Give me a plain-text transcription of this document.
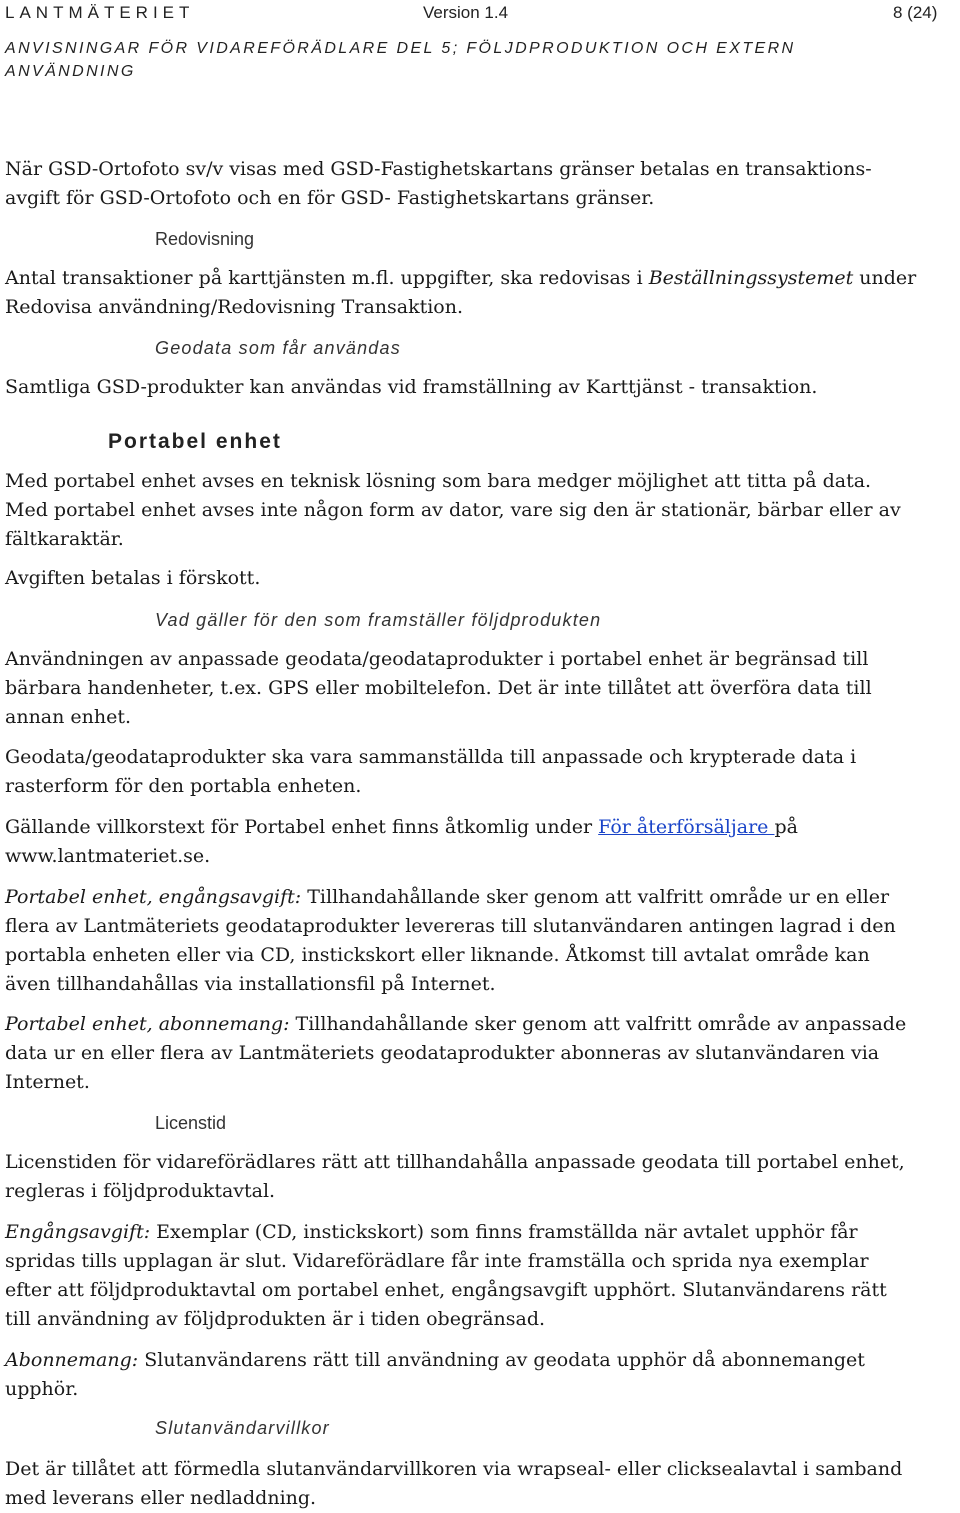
LANTMÄTERIET	Version 1.4	8 (24)
ANVISNINGAR FÖR VIDAREFÖRÄDLARE DEL 5; FÖLJDPRODUKTION OCH EXTERN
ANVÄNDNING
När GSD-Ortofoto sv/v visas med GSD-Fastighetskartans gränser betalas en transaktions-
avgift för GSD-Ortofoto och en för GSD- Fastighetskartans gränser.
Redovisning
Antal transaktioner på karttjänsten m.fl. uppgifter, ska redovisas i Beställningssystemet under
Redovisa användning/Redovisning Transaktion.
Geodata som får användas
Samtliga GSD-produkter kan användas vid framställning av Karttjänst - transaktion.
Portabel enhet
Med portabel enhet avses en teknisk lösning som bara medger möjlighet att titta på data.
Med portabel enhet avses inte någon form av dator, vare sig den är stationär, bärbar eller av
fältkaraktär.
Avgiften betalas i förskott.
Vad gäller för den som framställer följdprodukten
Användningen av anpassade geodata/geodataprodukter i portabel enhet är begränsad till
bärbara handenheter, t.ex. GPS eller mobiltelefon. Det är inte tillåtet att överföra data till
annan enhet.
Geodata/geodataprodukter ska vara sammanställda till anpassade och krypterade data i
rasterform för den portabla enheten.
Gällande villkorstext för Portabel enhet finns åtkomlig under För återförsäljare på
www.lantmateriet.se.
Portabel enhet, engångsavgift: Tillhandahållande sker genom att valfritt område ur en eller
flera av Lantmäteriets geodataprodukter levereras till slutanvändaren antingen lagrad i den
portabla enheten eller via CD, instickskort eller liknande. Åtkomst till avtalat område kan
även tillhandahållas via installationsfil på Internet.
Portabel enhet, abonnemang: Tillhandahållande sker genom att valfritt område av anpassade
data ur en eller flera av Lantmäteriets geodataprodukter abonneras av slutanvändaren via
Internet.
Licenstid
Licenstiden för vidareförädlares rätt att tillhandahålla anpassade geodata till portabel enhet,
regleras i följdproduktavtal.
Engångsavgift: Exemplar (CD, instickskort) som finns framställda när avtalet upphör får
spridas tills upplagan är slut. Vidareförädlare får inte framställa och sprida nya exemplar
efter att följdproduktavtal om portabel enhet, engångsavgift upphört. Slutanvändarens rätt
till användning av följdprodukten är i tiden obegränsad.
Abonnemang: Slutanvändarens rätt till användning av geodata upphör då abonnemanget
upphör.
Slutanvändarvillkor
Det är tillåtet att förmedla slutanvändarvillkoren via wrapseal- eller clicksealavtal i samband
med leverans eller nedladdning.
